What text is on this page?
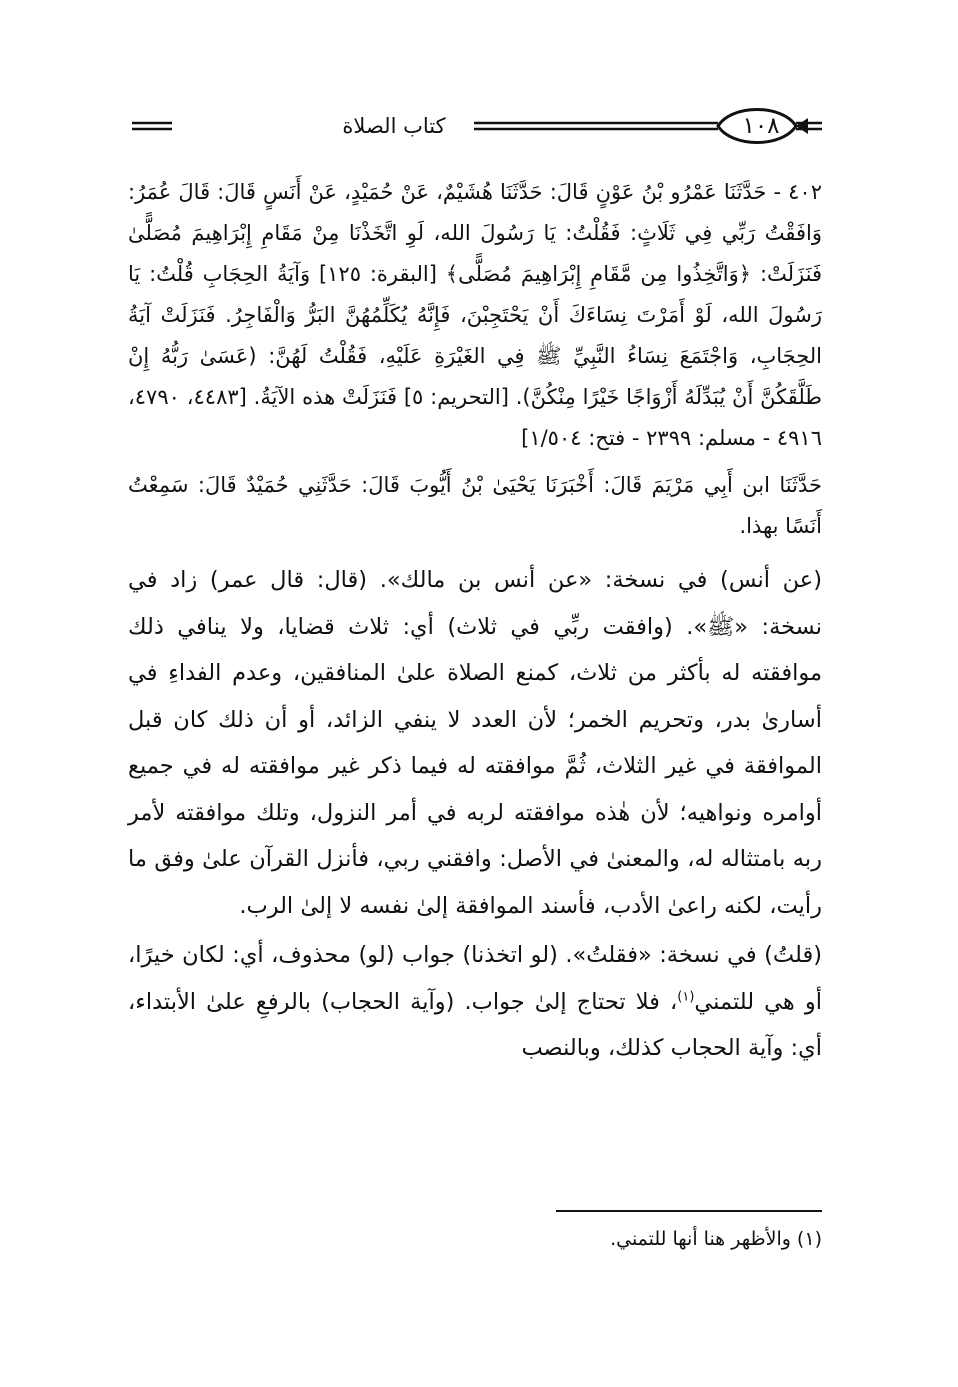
كتاب الصلاة	١٠٨

٤٠٢ - حَدَّثَنَا عَمْرُو بْنُ عَوْنٍ قَالَ: حَدَّثَنَا هُشَيْمٌ، عَنْ حُمَيْدٍ، عَنْ أَنَسٍ قَالَ: قَالَ عُمَرُ: وَافَقْتُ رَبِّي فِي ثَلَاثٍ: فَقُلْتُ: يَا رَسُولَ الله، لَوِ اتَّخَذْنَا مِنْ مَقَامِ إِبْرَاهِيمَ مُصَلًّىٰ فَنَزَلَتْ: ﴿وَاتَّخِذُوا مِن مَّقَامِ إِبْرَاهِيمَ مُصَلًّى﴾ [البقرة: ١٢٥] وَآيَةُ الحِجَابِ قُلْتُ: يَا رَسُولَ الله، لَوْ أَمَرْتَ نِسَاءَكَ أَنْ يَحْتَجِبْنَ، فَإِنَّهُ يُكَلِّمُهُنَّ البَرُّ وَالْفَاجِرُ. فَنَزَلَتْ آيَةُ الحِجَابِ، وَاجْتَمَعَ نِسَاءُ النَّبِيِّ ﷺ فِي الغَيْرَةِ عَلَيْهِ، فَقُلْتُ لَهُنَّ: (عَسَىٰ رَبُّهُ إِنْ طَلَّقَكُنَّ أَنْ يُبَدِّلَهُ أَزْوَاجًا خَيْرًا مِنْكُنَّ). [التحريم: ٥] فَنَزَلَتْ هذه الآيَةُ. [٤٤٨٣، ٤٧٩٠، ٤٩١٦ - مسلم: ٢٣٩٩ - فتح: ١/٥٠٤]

حَدَّثَنَا ابن أَبِي مَرْيَمَ قَالَ: أَخْبَرَنَا يَحْيَىٰ بْنُ أَيُّوبَ قَالَ: حَدَّثَنِي حُمَيْدٌ قَالَ: سَمِعْتُ أَنَسًا بهذا.

(عن أنس) في نسخة: «عن أنس بن مالك». (قال: قال عمر) زاد في نسخة: «ﷺ». (وافقت ربِّي في ثلاث) أي: ثلاث قضايا، ولا ينافي ذلك موافقته له بأكثر من ثلاث، كمنع الصلاة علىٰ المنافقين، وعدم الفداءِ في أسارىٰ بدر، وتحريم الخمر؛ لأن العدد لا ينفي الزائد، أو أن ذلك كان قبل الموافقة في غير الثلاث، ثُمَّ موافقته له فيما ذكر غير موافقته له في جميع أوامره ونواهيه؛ لأن هٰذه موافقته لربه في أمر النزول، وتلك موافقته لأمر ربه بامتثاله له، والمعنىٰ في الأصل: وافقني ربي، فأنزل القرآن علىٰ وفق ما رأيت، لكنه راعىٰ الأدب، فأسند الموافقة إلىٰ نفسه لا إلىٰ الرب.

(قلتُ) في نسخة: «فقلتُ». (لو اتخذنا) جواب (لو) محذوف، أي: لكان خيرًا، أو هي للتمني$^{(١)}$، فلا تحتاج إلىٰ جواب. (وآية الحجاب) بالرفعِ علىٰ الأبتداء، أي: وآية الحجاب كذلك، وبالنصب

(١) والأظهر هنا أنها للتمني.
